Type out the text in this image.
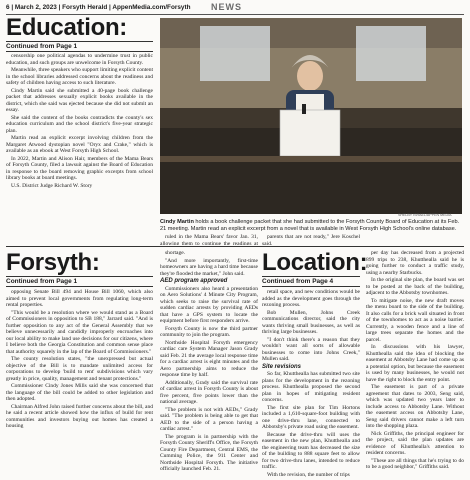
6 | March 2, 2023 | Forsyth Herald | AppenMedia.com/Forsyth NEWS
Education:
Continued from Page 1

censorship one political agendas to undermine trust in public education, and such groups are unwelcome in Forsyth County.

Meanwhile, three speakers who support limiting explicit content in the school libraries addressed concerns about the readiness and safety of children having access to such literature.

Cindy Martin said she submitted a 40-page book challenge packet that addresses sexually explicit books available in the district, which she said was ejected because she did not submit an essay.

She said the content of the books contradicts the county's sex education curriculum and the school district's five-year strategic plan.

Martin read an explicit excerpt involving children from the Margaret Atwood dystopian novel "Oryx and Crake," which is available as an ebook at West Forsyth High School.

In 2022, Martin and Alison Hair, members of the Mama Bears of Forsyth County, filed a lawsuit against the Board of Education in response to the board removing graphic excerpts from school library books at board meetings.

U.S. District Judge Richard W. Story

SHELBY ISRAEL/APPEN MEDIA
Cindy Martin holds a book challenge packet that she had submitted to the Forsyth County Board of Education at its Feb. 21 meeting. Martin read an explicit excerpt from a novel that is available in West Forsyth High School's online database.

ruled in the Mama Bears' favor Jan. 31, allowing them to continue the readings at

parents that are not ready," Jere Koschel said.

Forsyth:
Continued from Page 1

opposing Senate Bill 494 and House Bill 1060, which also aimed to prevent local governments from regulating long-term rental properties.

"This would be a resolution where we would stand as a Board of Commissioners in opposition to SB 188," Jarrard said. "And is further opposition to any act of the General Assembly that we believe unnecessarily and candidly improperly encroaches into our local ability to make land use decisions for our citizens, where I believe both the Georgia Constitution and common sense place that authority squarely in the lap of the Board of Commissioners."

The county resolution states, "the unexpressed but actual objective of the Bill is to mandate unlimited access for corporations to develop 'build to rent' subdivisions which vary greatly in price, quality, management and tenant protections."

Commissioner Cindy Jones Mills said she was concerned that the language of the bill could be added to other legislation and then adopted.

Chairman Alfred John raised further concerns about the bill, and he said a recent article showed how the influx of build for rent communities and investors buying out homes has created a housing

shortage.

"And more importantly, first-time homeowners are having a hard time because they're flooded the market," John said.

AED program approved

Commissioners also heard a presentation on Aero Solutions' 4 Minute City Program, which seeks to raise the survival rate of sudden cardiac arrests by providing AEDs that have a GPS system to locate the equipment before first responders arrive.

Forsyth County is now the third partner community to join the program.

Northside Hospital Forsyth emergency cardiac care System Manager Jason Grady said Feb. 21 the average local response time for a cardiac arrest is eight minutes and the Aero partnership aims to reduce the response time by half.

Additionally, Grady said the survival rate of cardiac arrest in Forsyth County is about five percent, five points lower than the national average.

"The problem is not with AEDs," Grady said. "The problem is being able to get that AED to the side of a person having a cardiac arrest."

The program is in partnership with the Forsyth County Sheriff's Office, the Forsyth County Fire Department, Central EMS, the Cumming Police, the 911 Center and Northside Hospital Forsyth. The initiative officially launched Feb. 21.

Location:
Continued from Page 4

retail space, and new conditions would be added as the development goes through the rezoning process.

Bob Mullen, Johns Creek communications director, said the city wants thriving small businesses, as well as thriving large businesses.

"I don't think there's a reason that they wouldn't want all sorts of allowable businesses to come into Johns Creek," Mullen said.

Site revisions

So far, Khutthealla has submitted two site plans for the development in the rezoning process. Khutthealla proposed the second plan in hopes of mitigating resident concerns.

The first site plan for Tim Hortons included a 1,610-square-foot building with one drive-thru lane, connected to Abbotsby's private road using the easement.

Because the drive-thru will uses the easement in the new plan, Khutthealla and the engineering team has decreased the size of the building to 888 square feet to allow for two drive-thru lanes, intended to reduce traffic.

With the revision, the number of trips

per day has decreased from a projected 899 trips to 238, Khutthealla said he is going further to conduct a traffic study, using a nearby Starbucks.

In the original site plan, the board was set to be posted at the back of the building, adjacent to the Abbotsby townhomes.

To mitigate noise, the new draft moves the menu board to the side of the building. It also calls for a brick wall situated in front of the townhomes to act as a noise barrier. Currently, a wooden fence and a line of large trees separate the homes and the parcel.

In discussions with his lawyer, Khutthealla said the idea of blocking the easement at Abbotsby Lane had come up as a potential option, but because the easement is used by many businesses, he would not have the right to block the entry point.

The easement is part of a private agreement that dates to 2003, Seng said, which was updated two years later to include access to Abbotsby Lane. Without the easement access on Abbotsby Lane, Seng said drivers cannot make a left turn into the shopping plaza.

Nick Griffiths, the principal engineer for the project, said the plan updates are evidence of Khutthealla's attention to resident concerns.

"These are all things that he's trying to do to be a good neighbor," Griffiths said.
